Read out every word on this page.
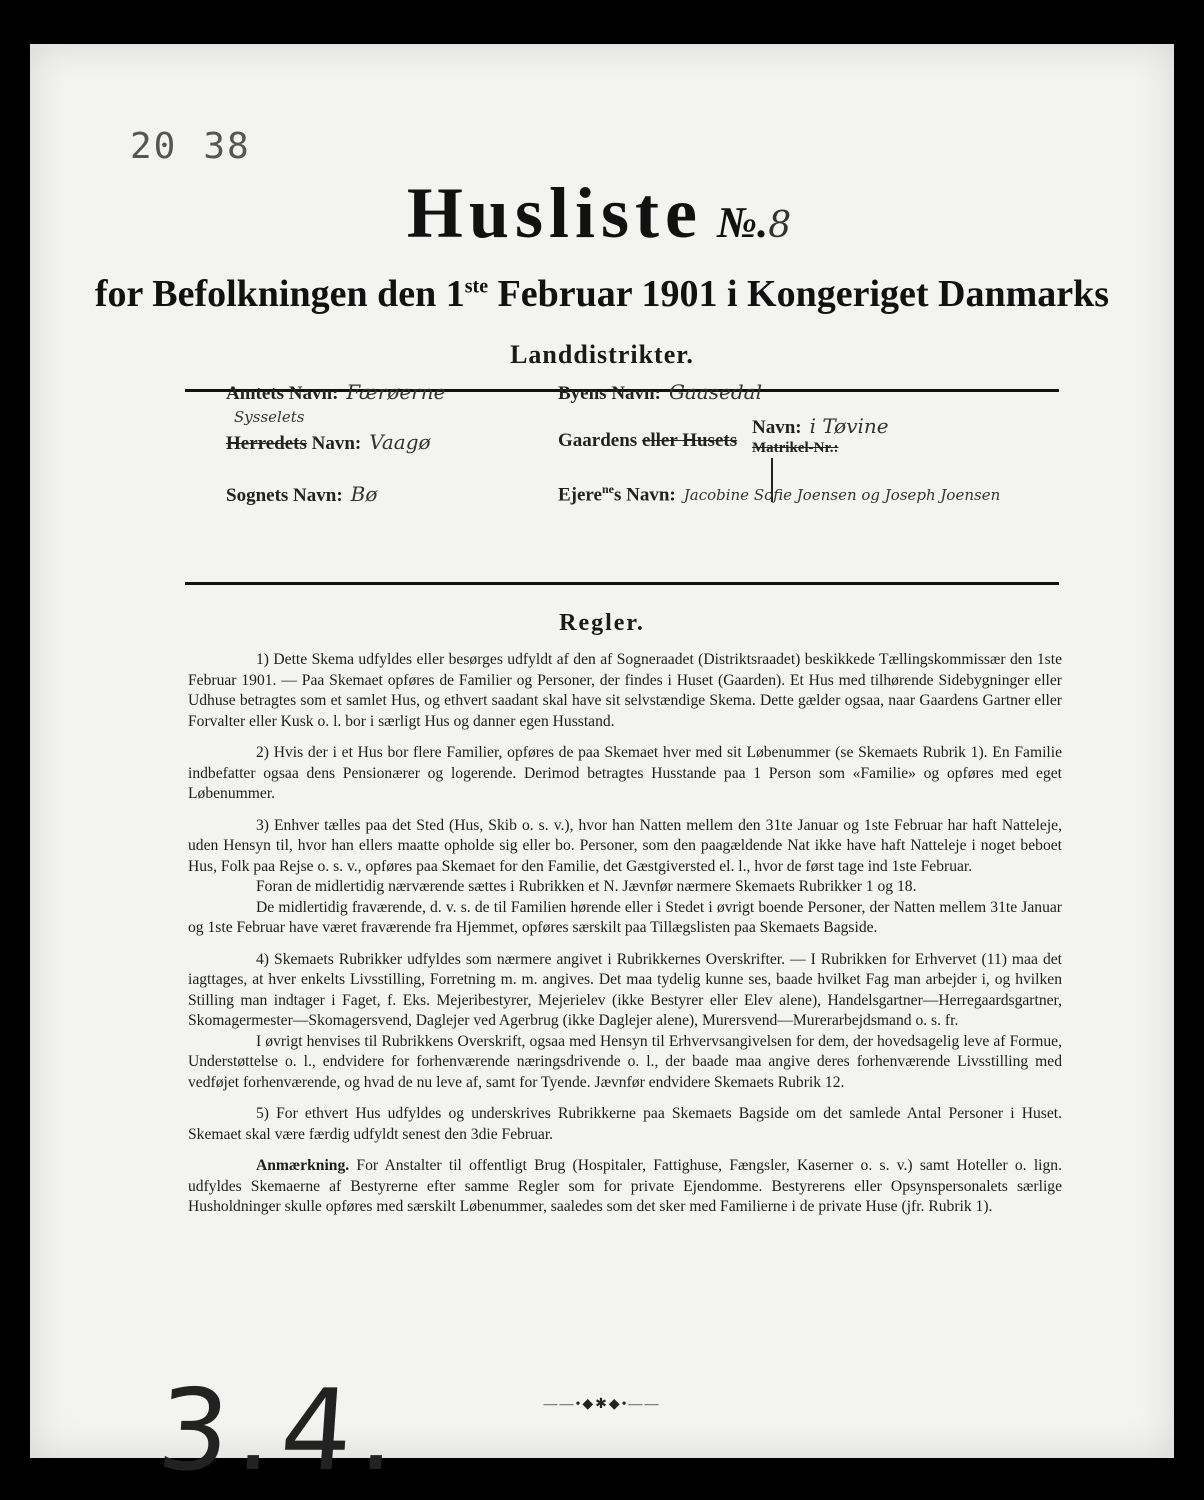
20 38
Husliste №.8
for Befolkningen den 1ste Februar 1901 i Kongeriget Danmarks
Landdistrikter.
Amtets Navn: Færøerne
Sysselets
Herredets Navn: Vaagø
Sognets Navn: Bø
Byens Navn: Gaasedal
Gaardens eller Husets
Navn: i Tøvine
Matrikel-Nr.:
Ejere$^{ne}$s Navn: Jacobine Sofie Joensen og Joseph Joensen
Regler.

1) Dette Skema udfyldes eller besørges udfyldt af den af Sogneraadet (Distriktsraadet) beskikkede Tællingskommissær den 1ste Februar 1901. — Paa Skemaet opføres de Familier og Personer, der findes i Huset (Gaarden). Et Hus med tilhørende Sidebygninger eller Udhuse betragtes som et samlet Hus, og ethvert saadant skal have sit selvstændige Skema. Dette gælder ogsaa, naar Gaardens Gartner eller Forvalter eller Kusk o. l. bor i særligt Hus og danner egen Husstand.

2) Hvis der i et Hus bor flere Familier, opføres de paa Skemaet hver med sit Løbenummer (se Skemaets Rubrik 1). En Familie indbefatter ogsaa dens Pensionærer og logerende. Derimod betragtes Husstande paa 1 Person som «Familie» og opføres med eget Løbenummer.

3) Enhver tælles paa det Sted (Hus, Skib o. s. v.), hvor han Natten mellem den 31te Januar og 1ste Februar har haft Natteleje, uden Hensyn til, hvor han ellers maatte opholde sig eller bo. Personer, som den paagældende Nat ikke have haft Natteleje i noget beboet Hus, Folk paa Rejse o. s. v., opføres paa Skemaet for den Familie, det Gæstgiversted el. l., hvor de først tage ind 1ste Februar.

Foran de midlertidig nærværende sættes i Rubrikken et N. Jævnfør nærmere Skemaets Rubrikker 1 og 18.

De midlertidig fraværende, d. v. s. de til Familien hørende eller i Stedet i øvrigt boende Personer, der Natten mellem 31te Januar og 1ste Februar have været fraværende fra Hjemmet, opføres særskilt paa Tillægslisten paa Skemaets Bagside.

4) Skemaets Rubrikker udfyldes som nærmere angivet i Rubrikkernes Overskrifter. — I Rubrikken for Erhvervet (11) maa det iagttages, at hver enkelts Livsstilling, Forretning m. m. angives. Det maa tydelig kunne ses, baade hvilket Fag man arbejder i, og hvilken Stilling man indtager i Faget, f. Eks. Mejeribestyrer, Mejerielev (ikke Bestyrer eller Elev alene), Handelsgartner—Herregaardsgartner, Skomagermester—Skomagersvend, Daglejer ved Agerbrug (ikke Daglejer alene), Murersvend—Murerarbejdsmand o. s. fr.

I øvrigt henvises til Rubrikkens Overskrift, ogsaa med Hensyn til Erhvervsangivelsen for dem, der hovedsagelig leve af Formue, Understøttelse o. l., endvidere for forhenværende næringsdrivende o. l., der baade maa angive deres forhenværende Livsstilling med vedføjet forhenværende, og hvad de nu leve af, samt for Tyende. Jævnfør endvidere Skemaets Rubrik 12.

5) For ethvert Hus udfyldes og underskrives Rubrikkerne paa Skemaets Bagside om det samlede Antal Personer i Huset. Skemaet skal være færdig udfyldt senest den 3die Februar.

Anmærkning. For Anstalter til offentligt Brug (Hospitaler, Fattighuse, Fængsler, Kaserner o. s. v.) samt Hoteller o. lign. udfyldes Skemaerne af Bestyrerne efter samme Regler som for private Ejendomme. Bestyrerens eller Opsynspersonalets særlige Husholdninger skulle opføres med særskilt Løbenummer, saaledes som det sker med Familierne i de private Huse (jfr. Rubrik 1).

3.4.	——•◆✱◆•——
